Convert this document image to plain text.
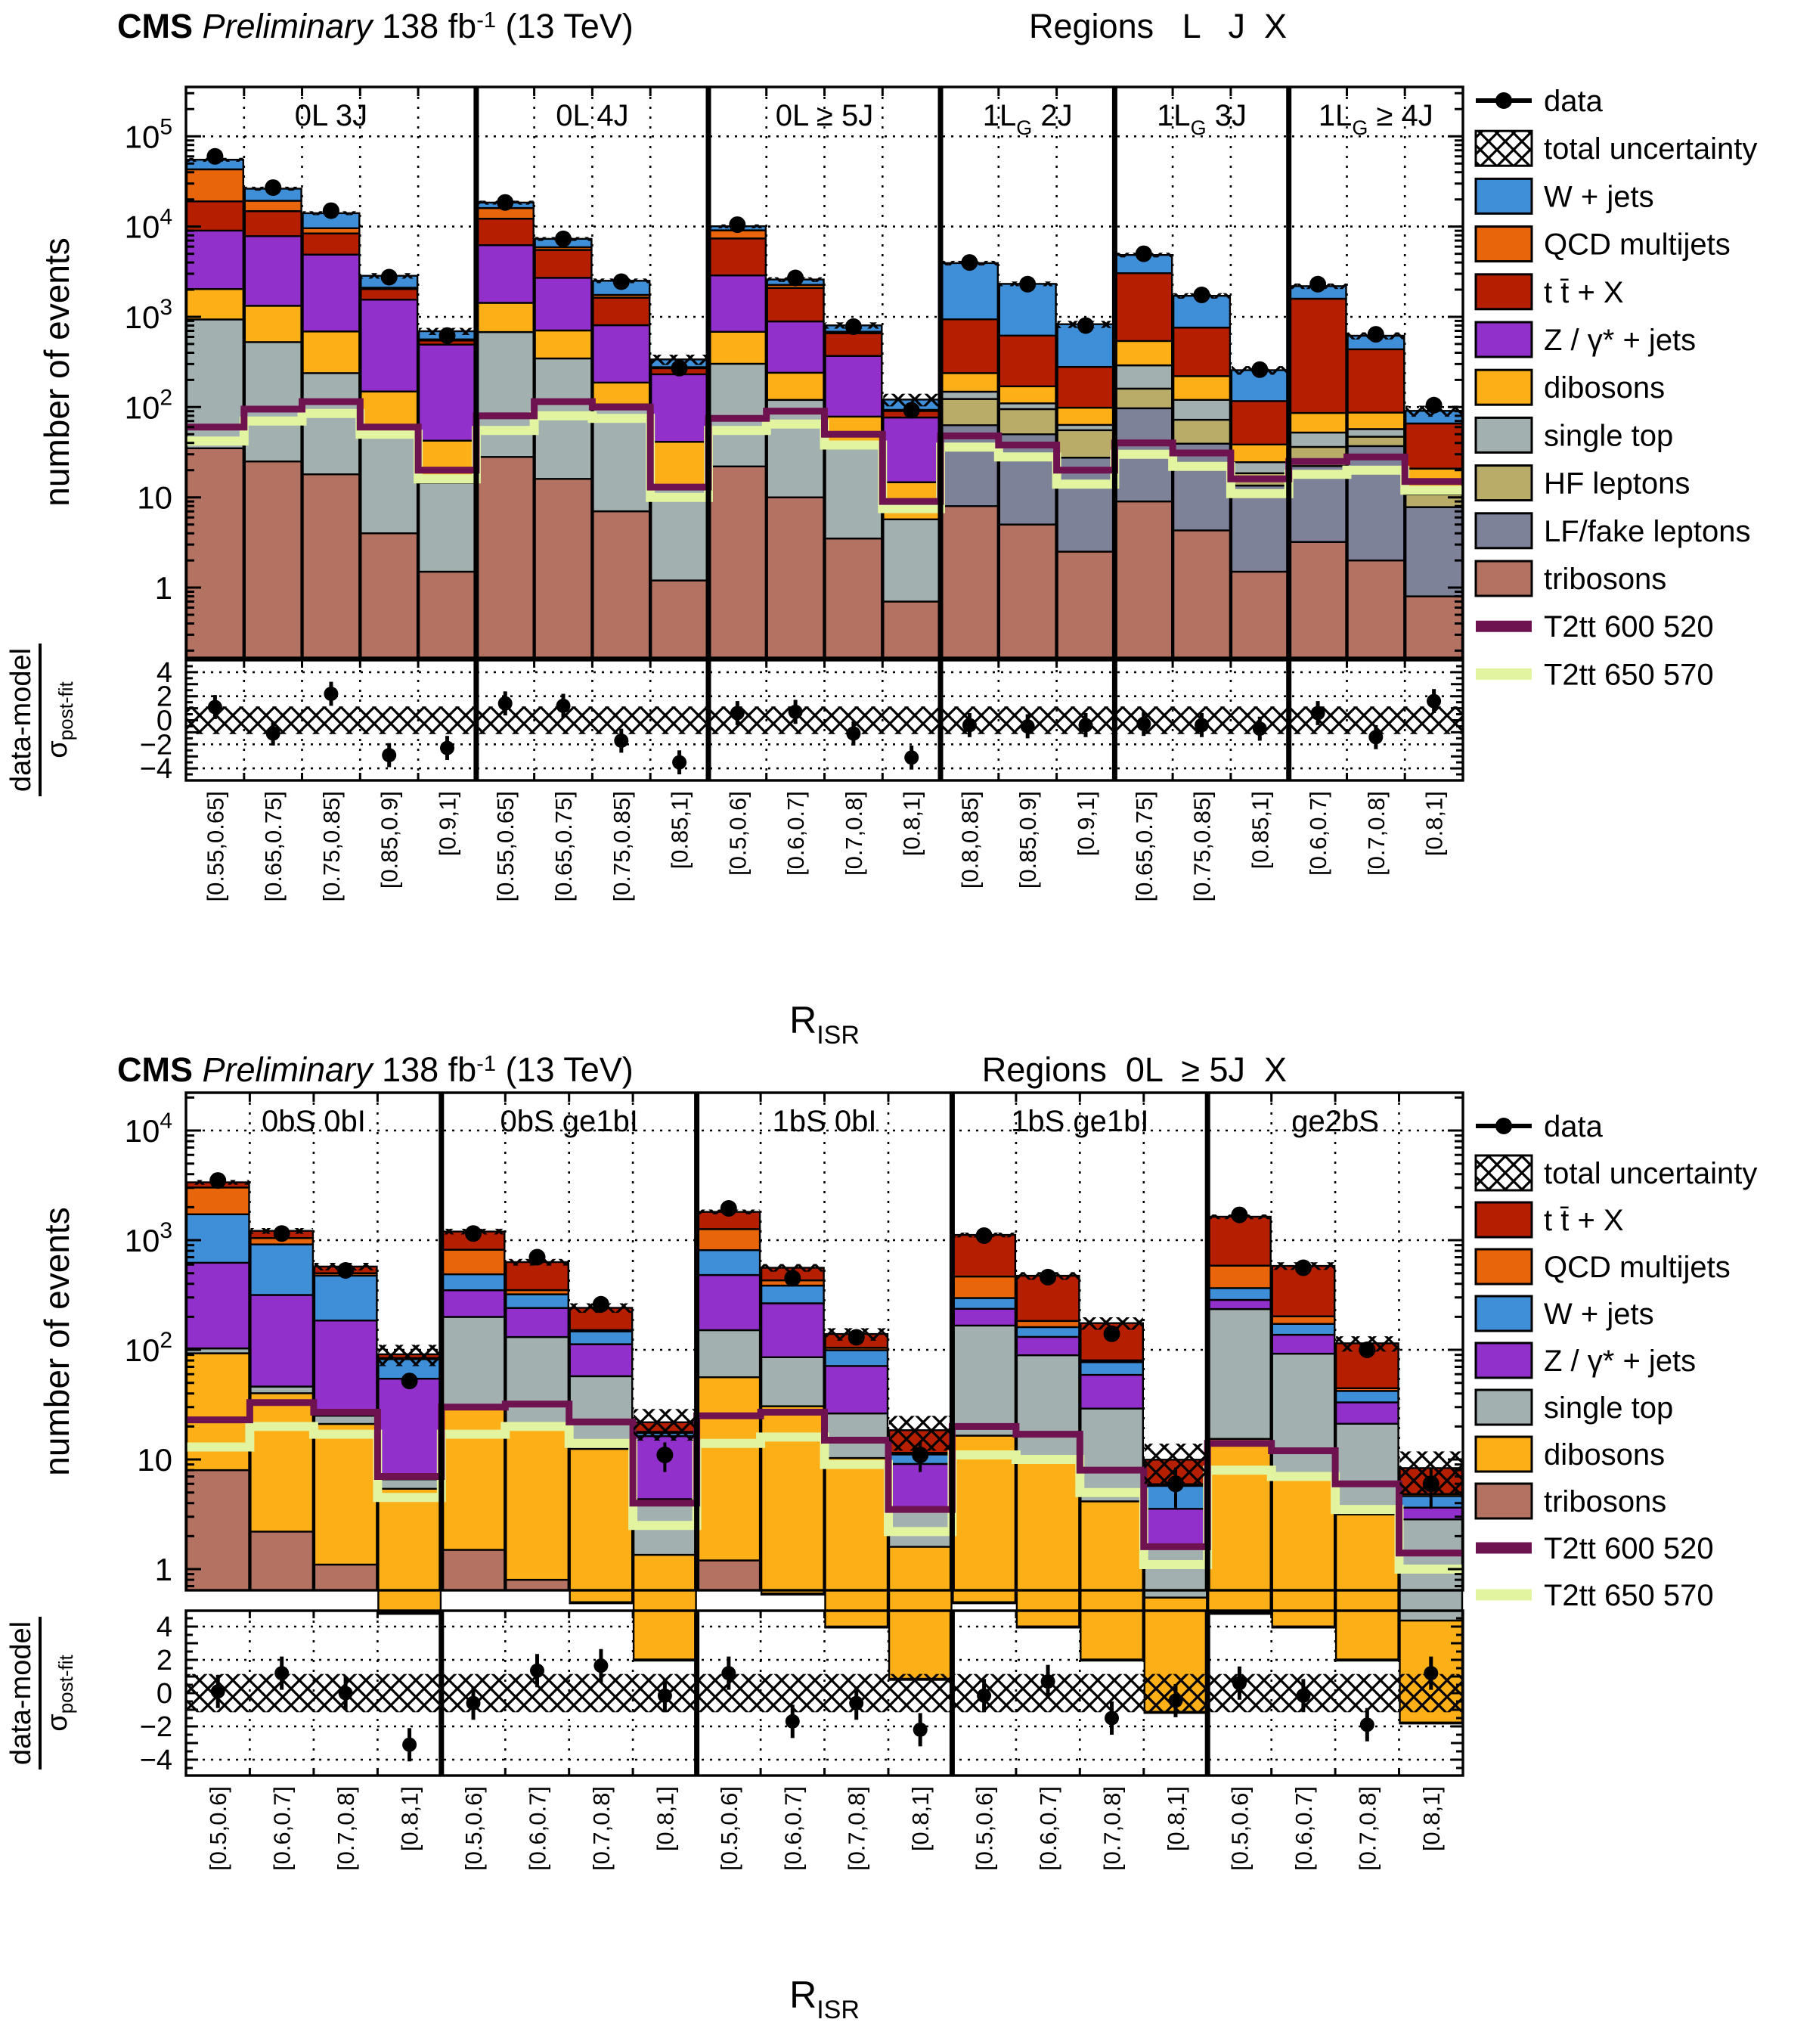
CMS Preliminary 138 $fb^{-1}$ (13 TeV)	Regions   L   J  X
CMS Preliminary 138 $fb^{-1}$ (13 TeV)	Regions  0L  ≥ 5J  X
number of events
number of events
data-model $\sigma_{post-fit}$
data-model $\sigma_{post-fit}$
1
10
$10^2$
$10^3$
$10^4$
$10^5$
4
2
0
−2
−4
0L 3J	0L 4J	0L ≥ 5J	$1L_G$ 2J	$1L_G$ 3J $1L_G \ge 4J$
[0.55,0.65] [0.65,0.75] [0.75,0.85] [0.85,0.9] [0.9,1] [0.55,0.65] [0.65,0.75] [0.75,0.85] [0.85,1] [0.5,0.6] [0.6,0.7] [0.7,0.8] [0.8,1] [0.8,0.85] [0.85,0.9] [0.9,1] [0.65,0.75] [0.75,0.85] [0.85,1] [0.6,0.7] [0.7,0.8] [0.8,1]
$R_{ISR}$
data
total uncertainty
W + jets
QCD multijets
t t̄ + X
Z / γ* + jets
dibosons
single top
HF leptons
LF/fake leptons
tribosons
T2tt 600 520
T2tt 650 570
1
10
$10^2$
$10^3$
$10^4$
4
2
0
−2
−4
0bS 0bI	0bS ge1bI	1bS 0bI	1bS ge1bI	ge2bS
[0.5,0.6] [0.6,0.7] [0.7,0.8] [0.8,1] [0.5,0.6] [0.6,0.7] [0.7,0.8] [0.8,1] [0.5,0.6] [0.6,0.7] [0.7,0.8] [0.8,1] [0.5,0.6] [0.6,0.7] [0.7,0.8] [0.8,1] [0.5,0.6] [0.6,0.7] [0.7,0.8] [0.8,1]
$R_{ISR}$
data
total uncertainty
t t̄ + X
QCD multijets
W + jets
Z / γ* + jets
single top
dibosons
tribosons
T2tt 600 520
T2tt 650 570
